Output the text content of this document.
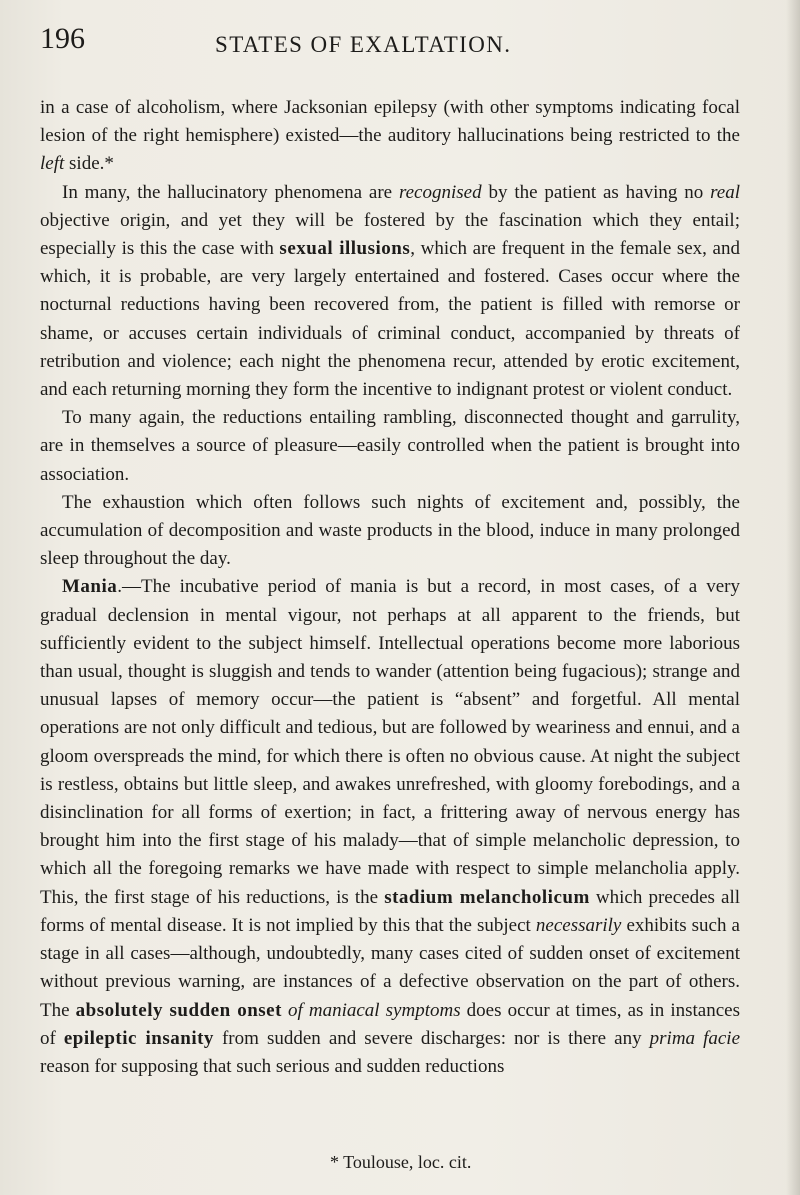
196	STATES OF EXALTATION.

in a case of alcoholism, where Jacksonian epilepsy (with other symptoms indicating focal lesion of the right hemisphere) existed—the auditory hallucinations being restricted to the left side.*

In many, the hallucinatory phenomena are recognised by the patient as having no real objective origin, and yet they will be fostered by the fascination which they entail; especially is this the case with sexual illusions, which are frequent in the female sex, and which, it is probable, are very largely entertained and fostered. Cases occur where the nocturnal reductions having been recovered from, the patient is filled with remorse or shame, or accuses certain individuals of criminal conduct, accompanied by threats of retribution and violence; each night the phenomena recur, attended by erotic excitement, and each returning morning they form the incentive to indignant protest or violent conduct.

To many again, the reductions entailing rambling, disconnected thought and garrulity, are in themselves a source of pleasure—easily controlled when the patient is brought into association.

The exhaustion which often follows such nights of excitement and, possibly, the accumulation of decomposition and waste products in the blood, induce in many prolonged sleep throughout the day.

Mania.—The incubative period of mania is but a record, in most cases, of a very gradual declension in mental vigour, not perhaps at all apparent to the friends, but sufficiently evident to the subject himself. Intellectual operations become more laborious than usual, thought is sluggish and tends to wander (attention being fugacious); strange and unusual lapses of memory occur—the patient is “absent” and forgetful. All mental operations are not only difficult and tedious, but are followed by weariness and ennui, and a gloom overspreads the mind, for which there is often no obvious cause. At night the subject is restless, obtains but little sleep, and awakes unrefreshed, with gloomy forebodings, and a disinclination for all forms of exertion; in fact, a frittering away of nervous energy has brought him into the first stage of his malady—that of simple melancholic depression, to which all the foregoing remarks we have made with respect to simple melancholia apply. This, the first stage of his reductions, is the stadium melancholicum which precedes all forms of mental disease. It is not implied by this that the subject necessarily exhibits such a stage in all cases—although, undoubtedly, many cases cited of sudden onset of excitement without previous warning, are instances of a defective observation on the part of others. The absolutely sudden onset of maniacal symptoms does occur at times, as in instances of epileptic insanity from sudden and severe discharges: nor is there any prima facie reason for supposing that such serious and sudden reductions

* Toulouse, loc. cit.
